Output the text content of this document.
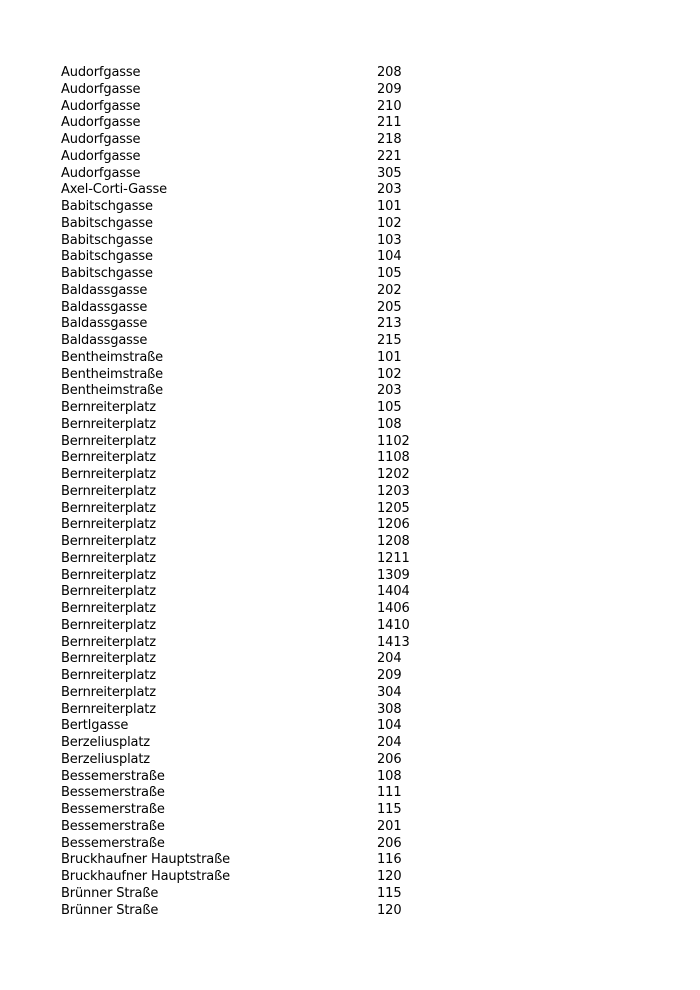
Audorfgasse	208
Audorfgasse	209
Audorfgasse	210
Audorfgasse	211
Audorfgasse	218
Audorfgasse	221
Audorfgasse	305
Axel-Corti-Gasse	203
Babitschgasse	101
Babitschgasse	102
Babitschgasse	103
Babitschgasse	104
Babitschgasse	105
Baldassgasse	202
Baldassgasse	205
Baldassgasse	213
Baldassgasse	215
Bentheimstraße	101
Bentheimstraße	102
Bentheimstraße	203
Bernreiterplatz	105
Bernreiterplatz	108
Bernreiterplatz	1102
Bernreiterplatz	1108
Bernreiterplatz	1202
Bernreiterplatz	1203
Bernreiterplatz	1205
Bernreiterplatz	1206
Bernreiterplatz	1208
Bernreiterplatz	1211
Bernreiterplatz	1309
Bernreiterplatz	1404
Bernreiterplatz	1406
Bernreiterplatz	1410
Bernreiterplatz	1413
Bernreiterplatz	204
Bernreiterplatz	209
Bernreiterplatz	304
Bernreiterplatz	308
Bertlgasse	104
Berzeliusplatz	204
Berzeliusplatz	206
Bessemerstraße	108
Bessemerstraße	111
Bessemerstraße	115
Bessemerstraße	201
Bessemerstraße	206
Bruckhaufner Hauptstraße	116
Bruckhaufner Hauptstraße	120
Brünner Straße	115
Brünner Straße	120
